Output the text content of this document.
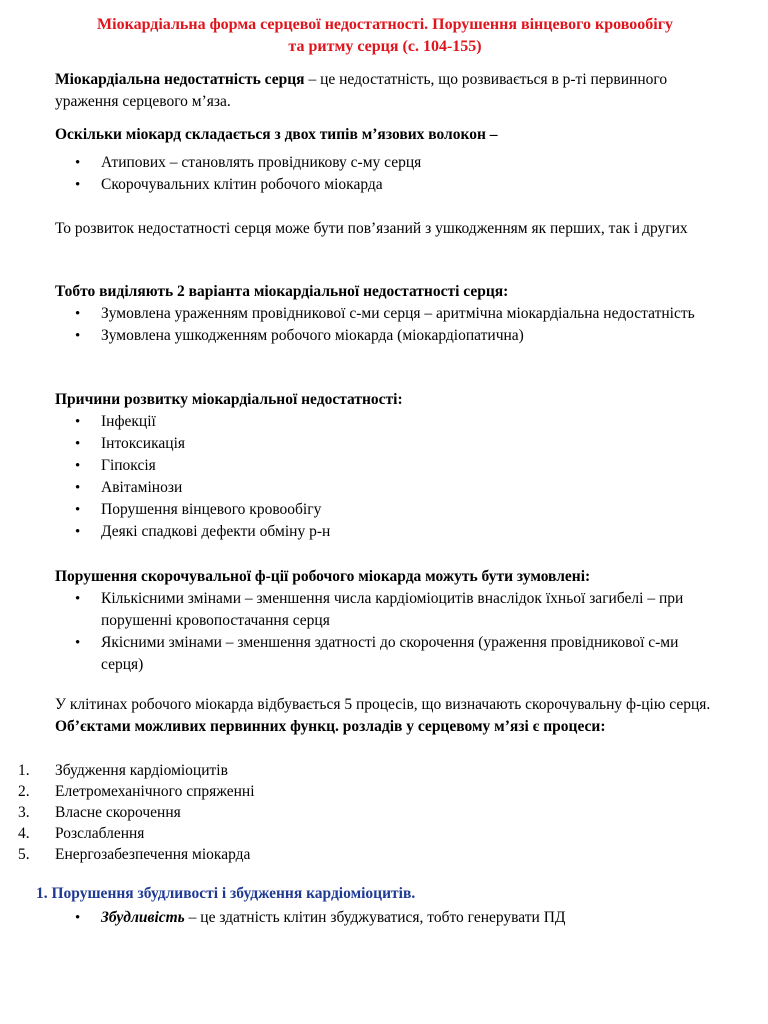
Міокардіальна форма серцевої недостатності. Порушення вінцевого кровообігу
та ритму серця (с. 104-155)

Міокардіальна недостатність серця – це недостатність, що розвивається в р-ті первинного ураження серцевого м’яза.

Оскільки міокард складається з двох типів м’язових волокон –

• Атипових – становлять провідникову с-му серця
• Скорочувальних клітин робочого міокарда

То розвиток недостатності серця може бути пов’язаний з ушкодженням як перших, так і других

Тобто виділяють 2 варіанта міокардіальної недостатності серця:

• Зумовлена ураженням провідникової с-ми серця – аритмічна міокардіальна недостатність
• Зумовлена ушкодженням робочого міокарда (міокардіопатична)

Причини розвитку міокардіальної недостатності:

• Інфекції
• Інтоксикація
• Гіпоксія
• Авітамінози
• Порушення вінцевого кровообігу
• Деякі спадкові дефекти обміну р-н

Порушення скорочувальної ф-ції робочого міокарда можуть бути зумовлені:

• Кількісними змінами – зменшення числа кардіоміоцитів внаслідок їхньої загибелі – при порушенні кровопостачання серця
• Якісними змінами – зменшення здатності до скорочення (ураження провідникової с-ми серця)

У клітинах робочого міокарда відбувається 5 процесів, що визначають скорочувальну ф-цію серця. Об’єктами можливих первинних функц. розладів у серцевому м’язі є процеси:

1. Збудження кардіоміоцитів
2. Елетромеханічного спряженні
3. Власне скорочення
4. Розслаблення
5. Енергозабезпечення міокарда
1. Порушення збудливості і збудження кардіоміоцитів.
• Збудливість – це здатність клітин збуджуватися, тобто генерувати ПД
